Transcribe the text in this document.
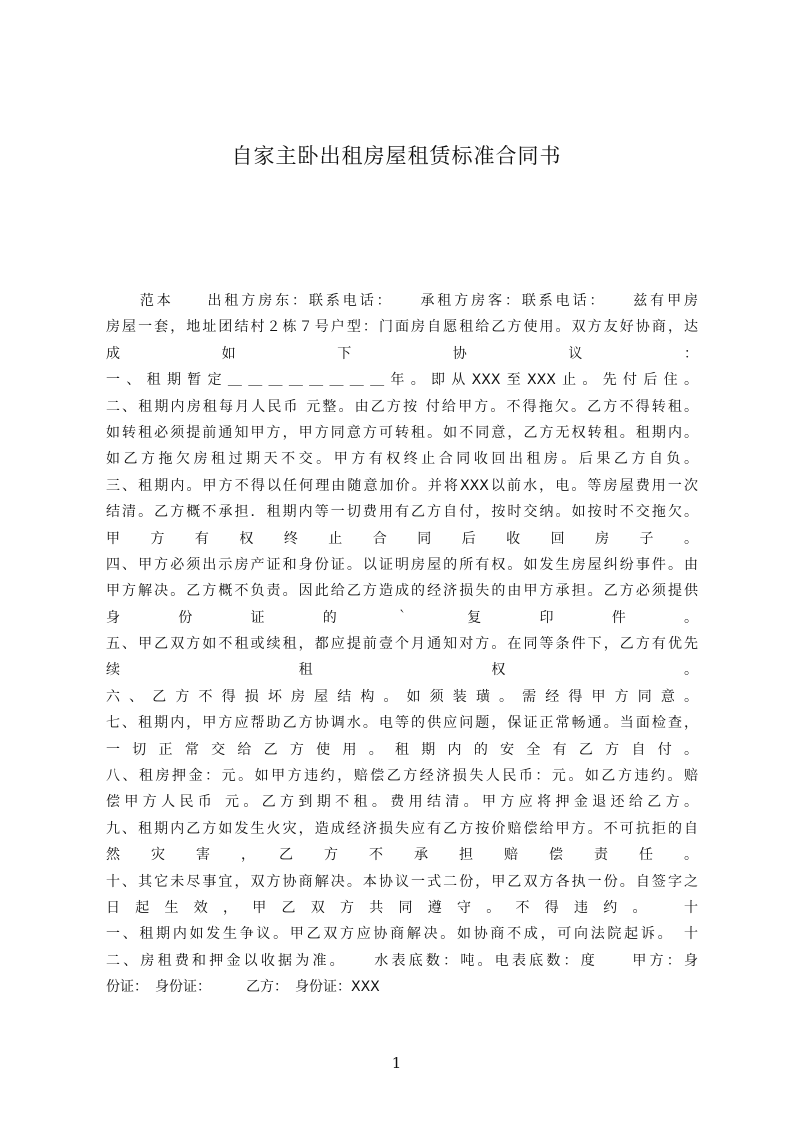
自家主卧出租房屋租赁标准合同书
　　范本　　出租方房东：联系电话：　　承租方房客：联系电话：　　兹有甲房
房屋一套，地址团结村２栋７号户型：门面房自愿租给乙方使用。双方友好协商，达
成　　　　如　　　　下　　　　协　　　　议　　　　：
一、租期暂定＿＿＿＿＿＿＿＿年。即从XXX至XXX止。先付后住。
二、租期内房租每月人民币 元整。由乙方按 付给甲方。不得拖欠。乙方不得转租。
如转租必须提前通知甲方，甲方同意方可转租。如不同意，乙方无权转租。租期内。
如乙方拖欠房租过期天不交。甲方有权终止合同收回出租房。后果乙方自负。
三、租期内。甲方不得以任何理由随意加价。并将XXX以前水，电。等房屋费用一次
结清。乙方概不承担．租期内等一切费用有乙方自付，按时交纳。如按时不交拖欠。
甲　方　有　权　终　止　合　同　后　收　回　房　子　。
四、甲方必须出示房产证和身份证。以证明房屋的所有权。如发生房屋纠纷事件。由
甲方解决。乙方概不负责。因此给乙方造成的经济损失的由甲方承担。乙方必须提供
身　　份　　证　　的　　｀　　复　　印　　件　　。
五、甲乙双方如不租或续租，都应提前壹个月通知对方。在同等条件下，乙方有优先
续　　　　　　　租　　　　　　　权　　　　　　　。
六、乙方不得损坏房屋结构。如须装璜。需经得甲方同意。
七、租期内，甲方应帮助乙方协调水。电等的供应问题，保证正常畅通。当面检查，
一切正常交给乙方使用。租期内的安全有乙方自付。
八、租房押金：元。如甲方违约，赔偿乙方经济损失人民币：元。如乙方违约。赔
偿甲方人民币 元。乙方到期不租。费用结清。甲方应将押金退还给乙方。
九、租期内乙方如发生火灾，造成经济损失应有乙方按价赔偿给甲方。不可抗拒的自
然　灾　害　，　乙　方　不　承　担　赔　偿　责　任　。
十、其它未尽事宜，双方协商解决。本协议一式二份，甲乙双方各执一份。自签字之
日起生效，甲乙双方共同遵守。不得违约。　十
一、租期内如发生争议。甲乙双方应协商解决。如协商不成，可向法院起诉。　十
二、房租费和押金以收据为准。　　水表底数：吨。电表底数：度　　甲方：身
份证：　身份证：　　　乙方：　身份证：XXX
1
